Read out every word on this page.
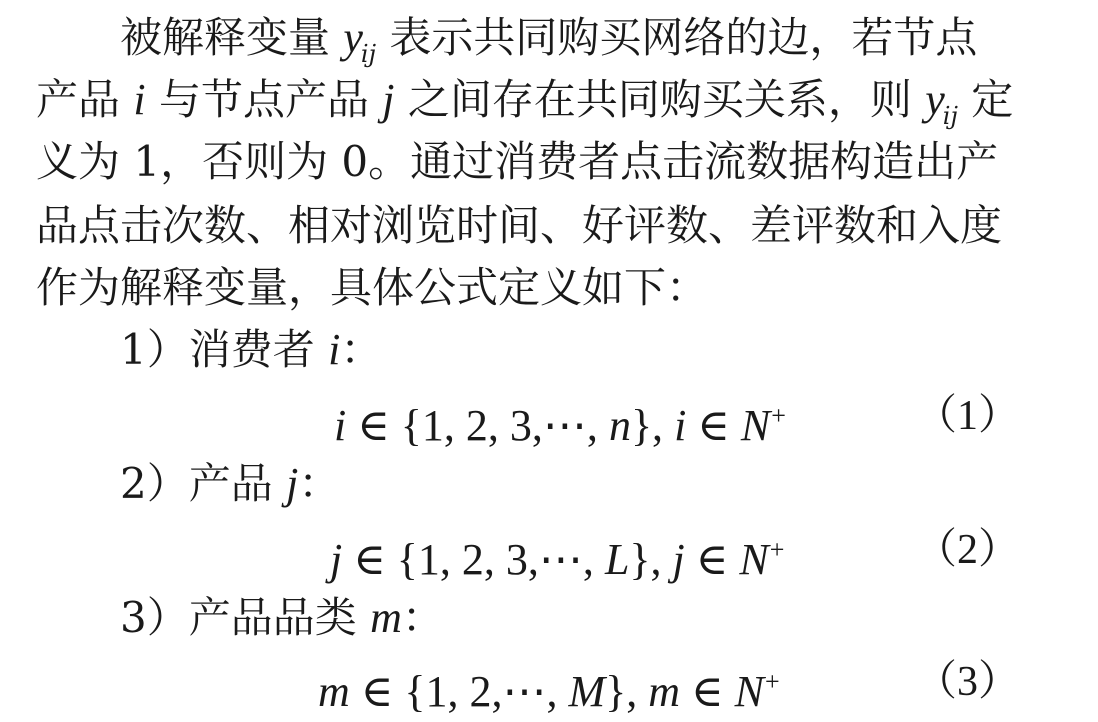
被解释变量 $y_{ij}$ 表示共同购买网络的边，若节点
产品 i 与节点产品 j 之间存在共同购买关系，则 $y_{ij}$ 定
义为 1，否则为 0。通过消费者点击流数据构造出产
品点击次数、相对浏览时间、好评数、差评数和入度
作为解释变量，具体公式定义如下：
1）消费者 i：
i ∈ {1, 2, 3,⋯, n}, i ∈ N+	（1）
2）产品 j：
j ∈ {1, 2, 3,⋯, L}, j ∈ N+	（2）
3）产品品类 m：
m ∈ {1, 2,⋯, M}, m ∈ N+	（3）
